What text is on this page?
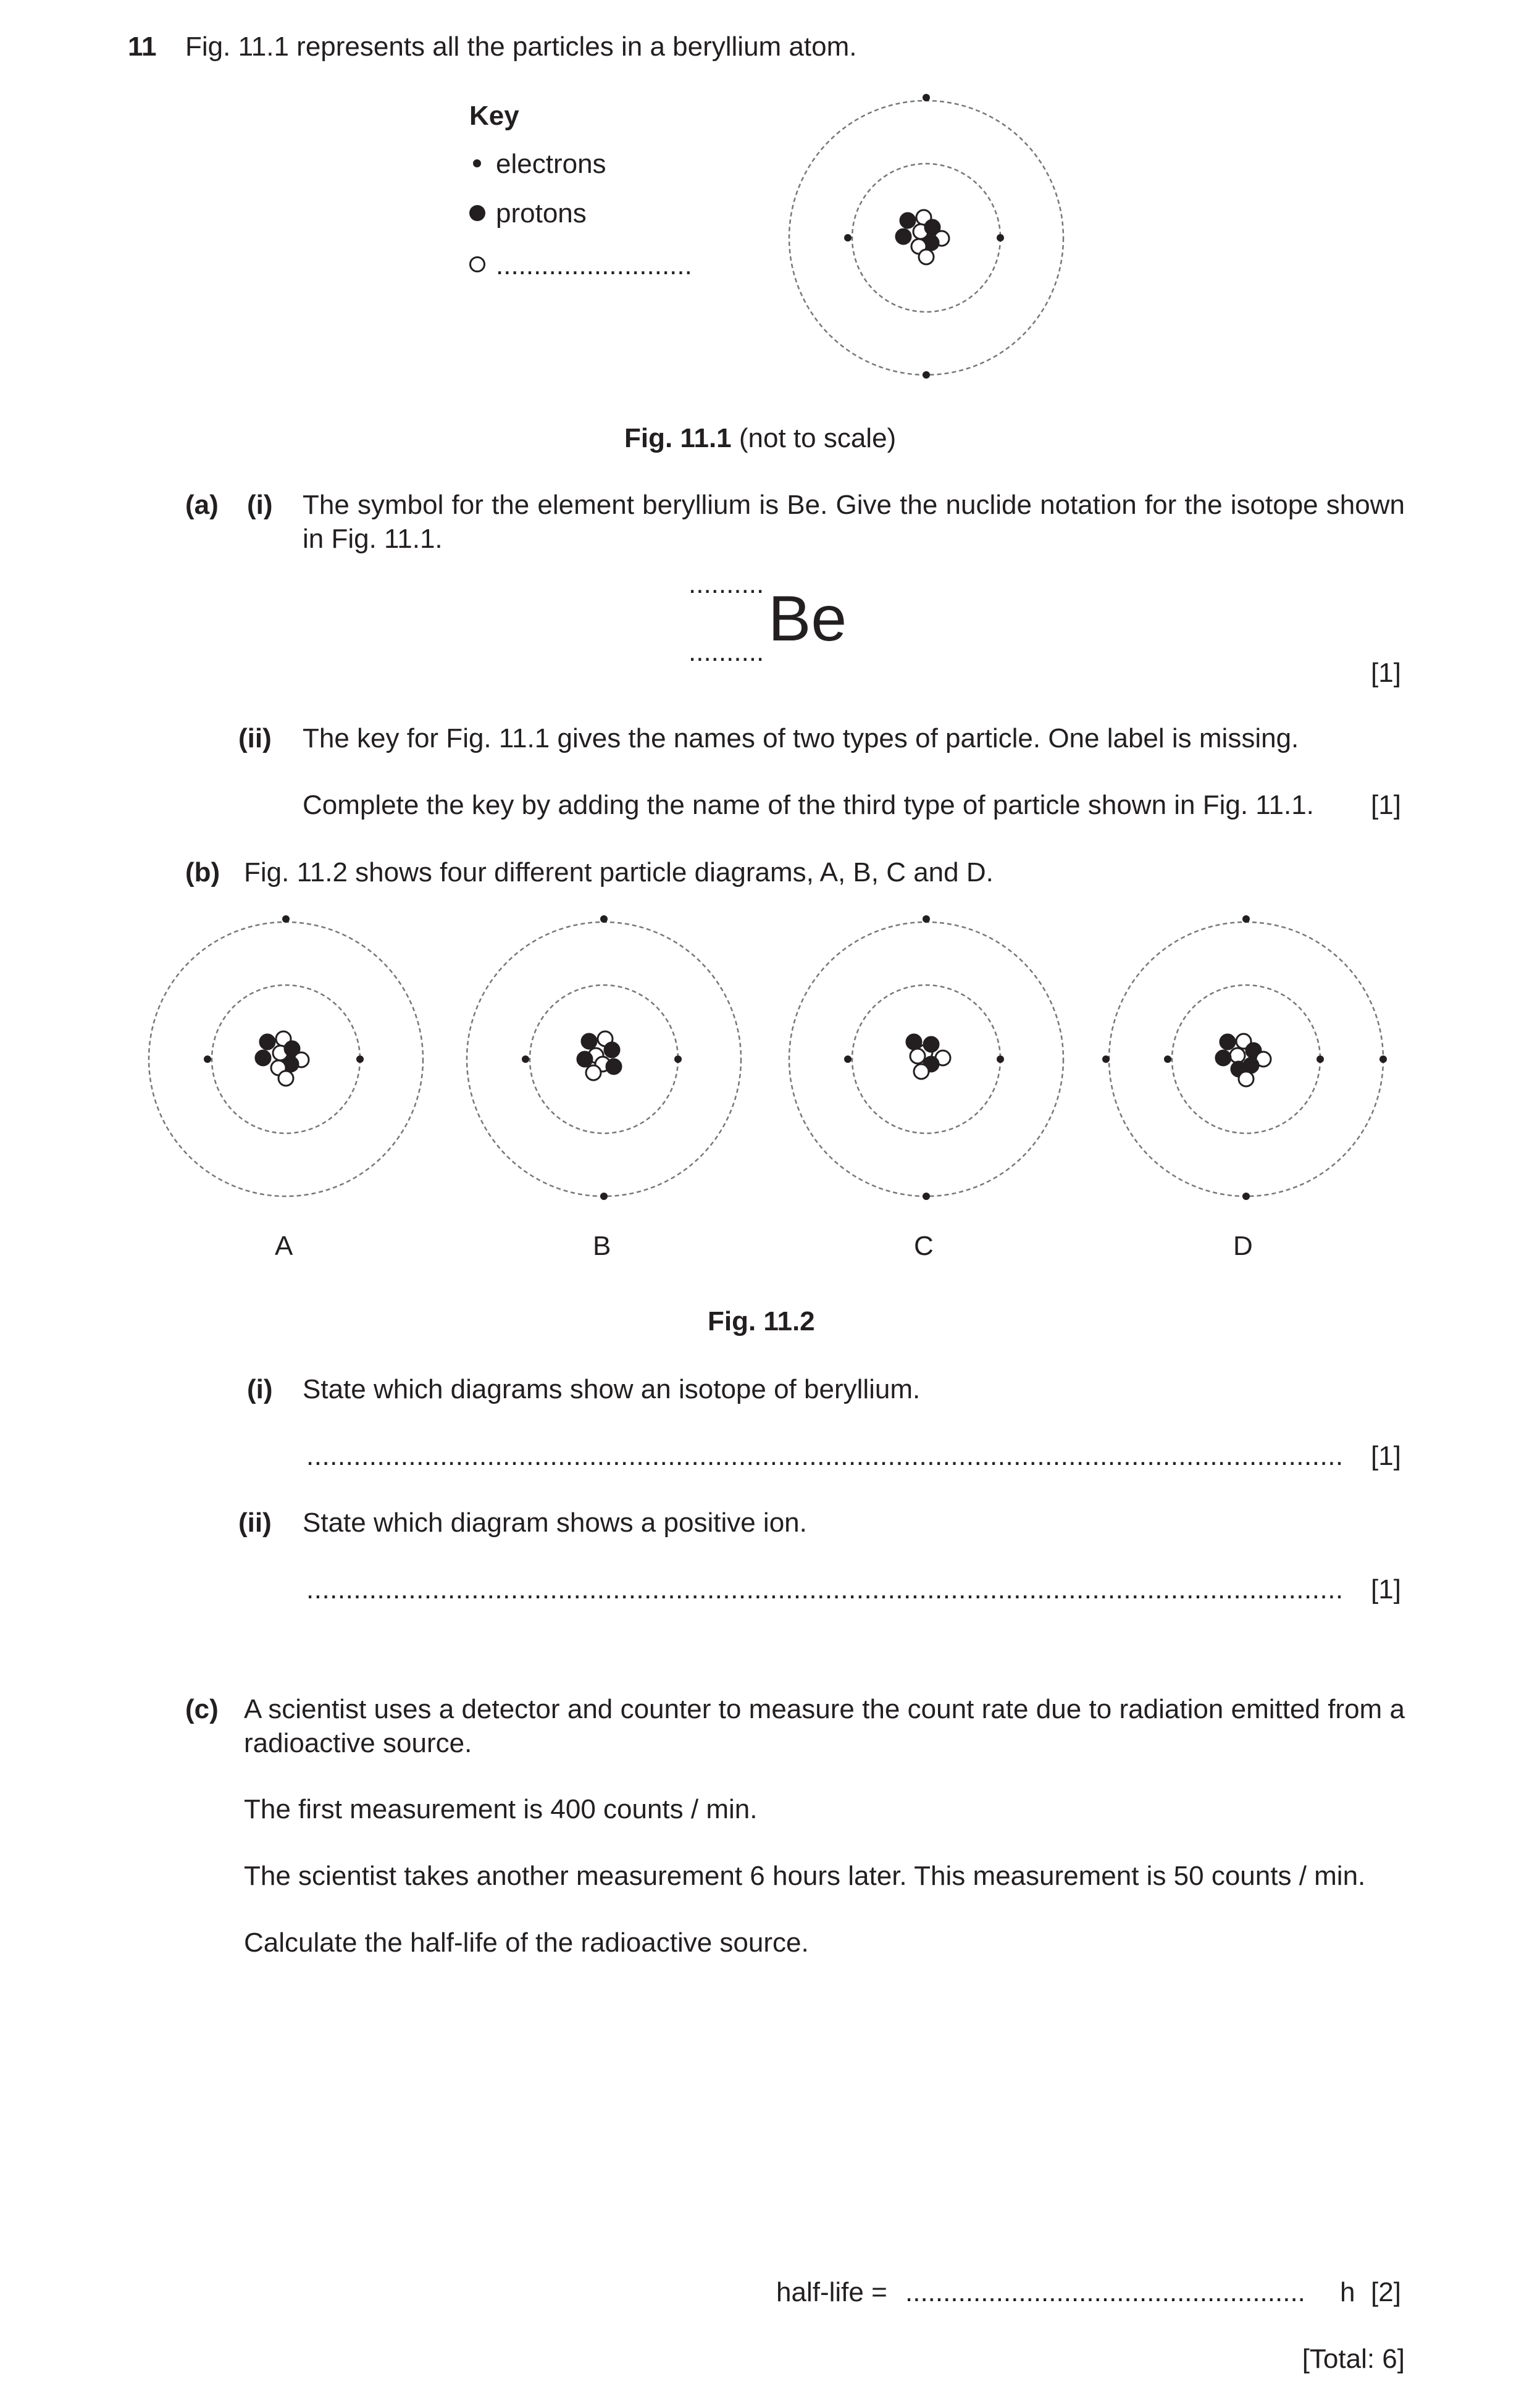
11 Fig. 11.1 represents all the particles in a beryllium atom.
Key
electrons
protons
..........................
Fig. 11.1 (not to scale)
(a) (i) The symbol for the element beryllium is Be. Give the nuclide notation for the isotope shown in Fig. 11.1.
..........
.......... Be
[1]
(ii) The key for Fig. 11.1 gives the names of two types of particle. One label is missing.
Complete the key by adding the name of the third type of particle shown in Fig. 11.1. [1]
(b) Fig. 11.2 shows four different particle diagrams, A, B, C and D.
A	B	C	D
Fig. 11.2
(i) State which diagrams show an isotope of beryllium.
.................................................................................................................................... [1]
(ii) State which diagram shows a positive ion.
.................................................................................................................................... [1]
(c) A scientist uses a detector and counter to measure the count rate due to radiation emitted from a radioactive source.
The first measurement is 400 counts / min.
The scientist takes another measurement 6 hours later. This measurement is 50 counts / min.
Calculate the half-life of the radioactive source.
half-life = .....................................................	h [2]
[Total: 6]
